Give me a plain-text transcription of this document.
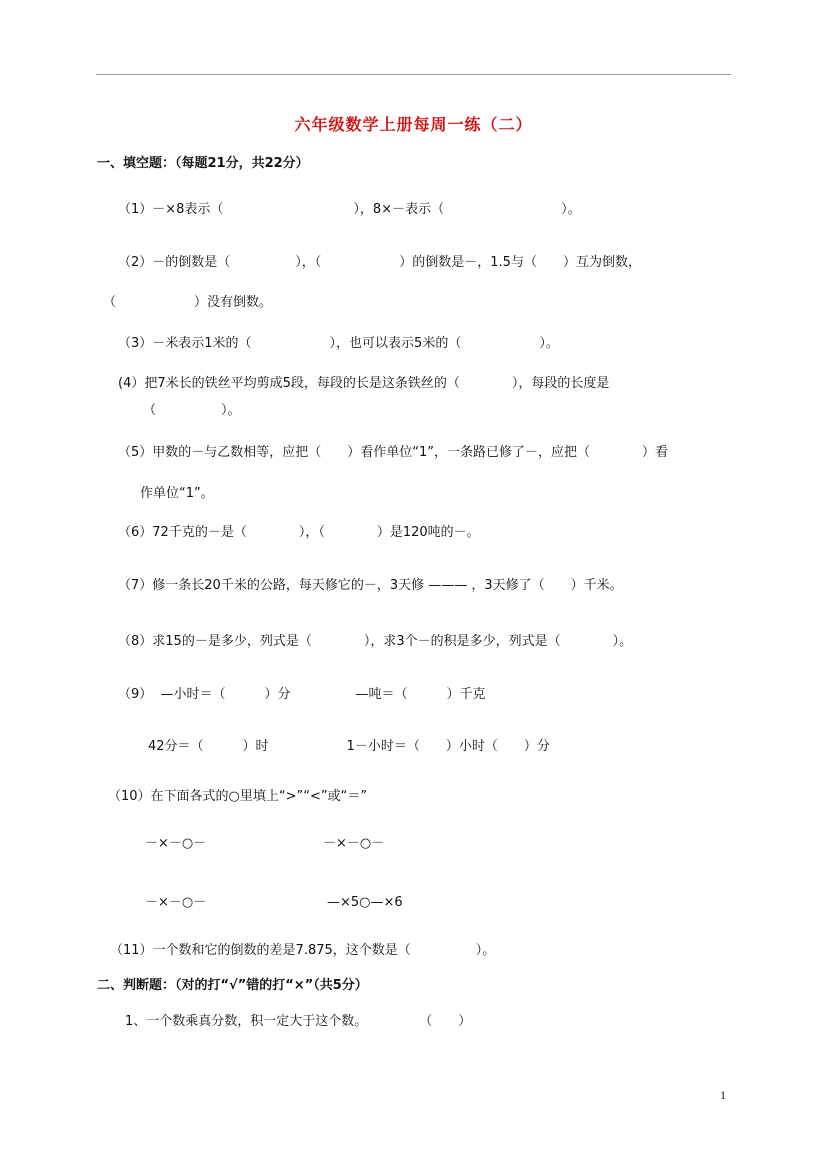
六年级数学上册每周一练（二）
一、填空题：（每题21分，共22分）
（1）－×8表示（　　　　　　　　　　），8×－表示（　　　　　　　　　）。
（2）－的倒数是（　　　　　），（　　　　　　）的倒数是－，1.5与（　　）互为倒数，
（　　　　　　）没有倒数。
（3）－米表示1米的（　　　　　　），也可以表示5米的（　　　　　　）。
(4）把7米长的铁丝平均剪成5段，每段的长是这条铁丝的（　　　　），每段的长度是
（　　　　　）。
（5）甲数的－与乙数相等，应把（　　）看作单位“1”，一条路已修了－，应把（　　　　）看
作单位“1”。
（6）72千克的－是（　　　　），（　　　　）是120吨的－。
（7）修一条长20千米的公路，每天修它的－，3天修 ——— ，3天修了（　　）千米。
（8）求15的－是多少，列式是（　　　　），求3个－的积是多少，列式是（　　　　）。
（9）  —小时＝（　　　）分　　　　　—吨＝（　　　）千克
42分＝（　　　）时　　　　　　1－小时＝（　　）小时（　　）分
（10）在下面各式的○里填上“>”“<”或“＝”
－×－○－	－×－○－
－×－○－	—×5○—×6
（11）一个数和它的倒数的差是7.875，这个数是（　　　　　）。
二、判断题：（对的打“√”错的打“×”（共5分）
1、一个数乘真分数，积一定大于这个数。　　　　　（　　）
1
